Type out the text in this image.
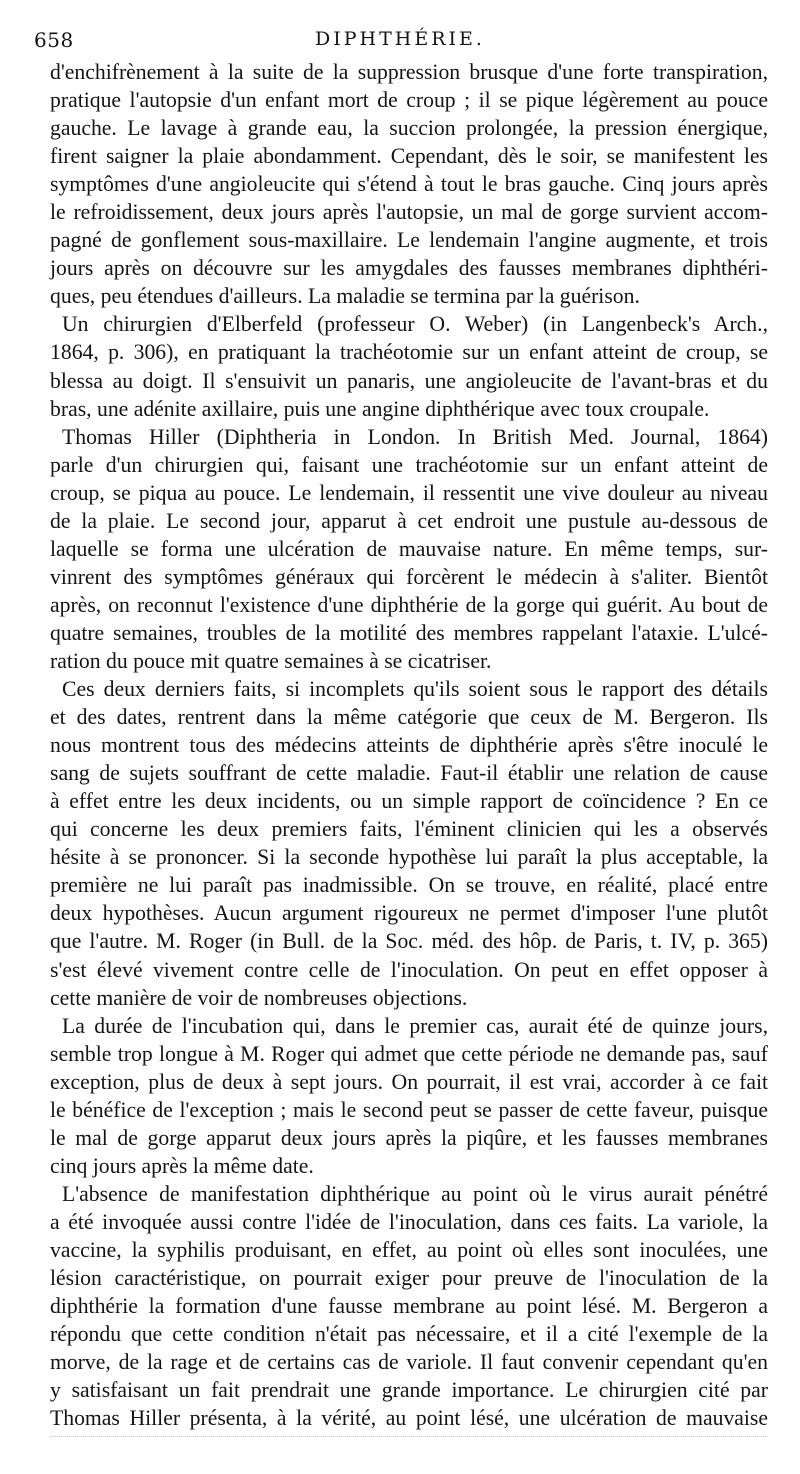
658	DIPHTHÉRIE.

d'enchifrènement à la suite de la suppression brusque d'une forte transpiration,

pratique l'autopsie d'un enfant mort de croup ; il se pique légèrement au pouce

gauche. Le lavage à grande eau, la succion prolongée, la pression énergique,

firent saigner la plaie abondamment. Cependant, dès le soir, se manifestent les

symptômes d'une angioleucite qui s'étend à tout le bras gauche. Cinq jours après

le refroidissement, deux jours après l'autopsie, un mal de gorge survient accom-

pagné de gonflement sous-maxillaire. Le lendemain l'angine augmente, et trois

jours après on découvre sur les amygdales des fausses membranes diphthéri-

ques, peu étendues d'ailleurs. La maladie se termina par la guérison.

Un chirurgien d'Elberfeld (professeur O. Weber) (in Langenbeck's Arch.,

1864, p. 306), en pratiquant la trachéotomie sur un enfant atteint de croup, se

blessa au doigt. Il s'ensuivit un panaris, une angioleucite de l'avant-bras et du

bras, une adénite axillaire, puis une angine diphthérique avec toux croupale.

Thomas Hiller (Diphtheria in London. In British Med. Journal, 1864)

parle d'un chirurgien qui, faisant une trachéotomie sur un enfant atteint de

croup, se piqua au pouce. Le lendemain, il ressentit une vive douleur au niveau

de la plaie. Le second jour, apparut à cet endroit une pustule au-dessous de

laquelle se forma une ulcération de mauvaise nature. En même temps, sur-

vinrent des symptômes généraux qui forcèrent le médecin à s'aliter. Bientôt

après, on reconnut l'existence d'une diphthérie de la gorge qui guérit. Au bout de

quatre semaines, troubles de la motilité des membres rappelant l'ataxie. L'ulcé-

ration du pouce mit quatre semaines à se cicatriser.

Ces deux derniers faits, si incomplets qu'ils soient sous le rapport des détails

et des dates, rentrent dans la même catégorie que ceux de M. Bergeron. Ils

nous montrent tous des médecins atteints de diphthérie après s'être inoculé le

sang de sujets souffrant de cette maladie. Faut-il établir une relation de cause

à effet entre les deux incidents, ou un simple rapport de coïncidence ? En ce

qui concerne les deux premiers faits, l'éminent clinicien qui les a observés

hésite à se prononcer. Si la seconde hypothèse lui paraît la plus acceptable, la

première ne lui paraît pas inadmissible. On se trouve, en réalité, placé entre

deux hypothèses. Aucun argument rigoureux ne permet d'imposer l'une plutôt

que l'autre. M. Roger (in Bull. de la Soc. méd. des hôp. de Paris, t. IV, p. 365)

s'est élevé vivement contre celle de l'inoculation. On peut en effet opposer à

cette manière de voir de nombreuses objections.

La durée de l'incubation qui, dans le premier cas, aurait été de quinze jours,

semble trop longue à M. Roger qui admet que cette période ne demande pas, sauf

exception, plus de deux à sept jours. On pourrait, il est vrai, accorder à ce fait

le bénéfice de l'exception ; mais le second peut se passer de cette faveur, puisque

le mal de gorge apparut deux jours après la piqûre, et les fausses membranes

cinq jours après la même date.

L'absence de manifestation diphthérique au point où le virus aurait pénétré

a été invoquée aussi contre l'idée de l'inoculation, dans ces faits. La variole, la

vaccine, la syphilis produisant, en effet, au point où elles sont inoculées, une

lésion caractéristique, on pourrait exiger pour preuve de l'inoculation de la

diphthérie la formation d'une fausse membrane au point lésé. M. Bergeron a

répondu que cette condition n'était pas nécessaire, et il a cité l'exemple de la

morve, de la rage et de certains cas de variole. Il faut convenir cependant qu'en

y satisfaisant un fait prendrait une grande importance. Le chirurgien cité par

Thomas Hiller présenta, à la vérité, au point lésé, une ulcération de mauvaise
